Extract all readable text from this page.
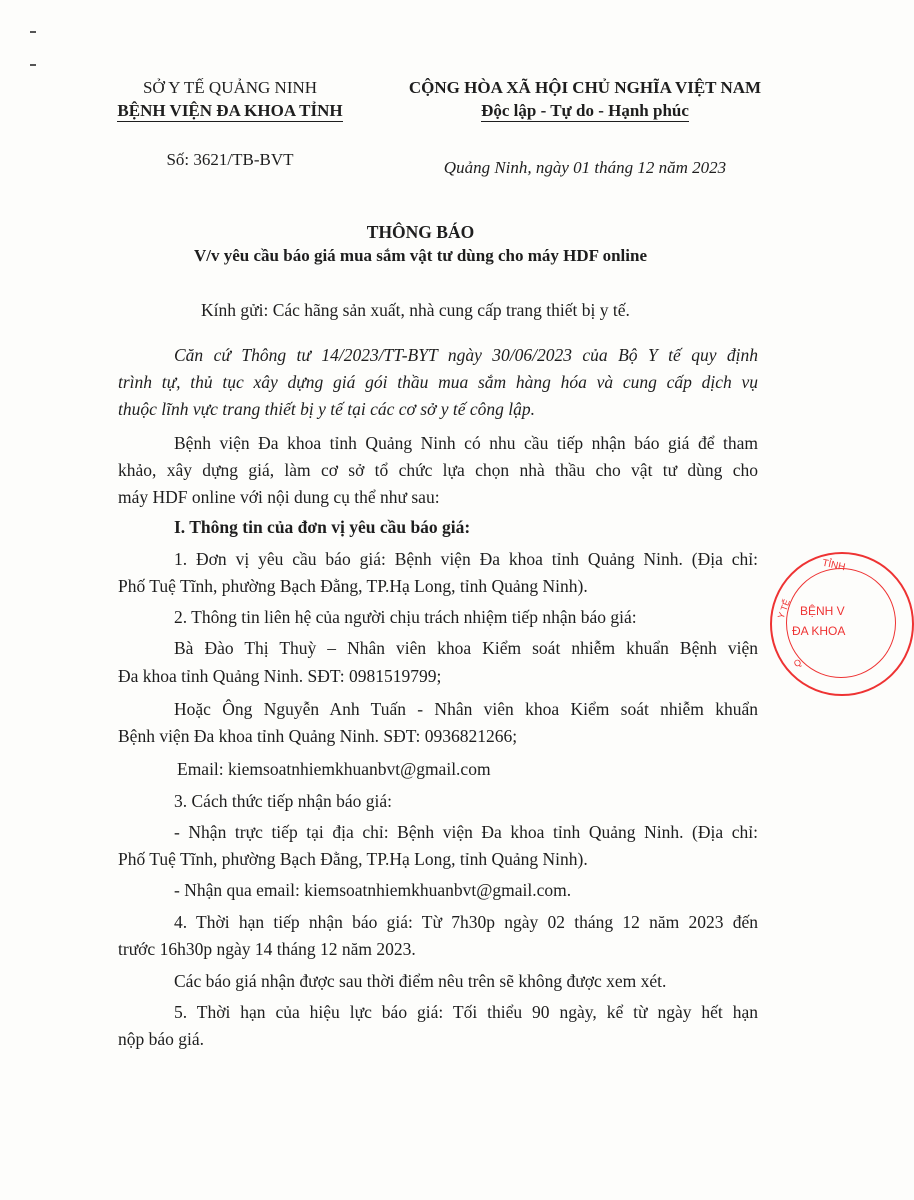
SỞ Y TẾ QUẢNG NINH
BỆNH VIỆN ĐA KHOA TỈNH
Số: 3621/TB-BVT
CỘNG HÒA XÃ HỘI CHỦ NGHĨA VIỆT NAM
Độc lập - Tự do - Hạnh phúc
Quảng Ninh, ngày 01 tháng 12 năm 2023
THÔNG BÁO
V/v yêu cầu báo giá mua sắm vật tư dùng cho máy HDF online
Kính gửi: Các hãng sản xuất, nhà cung cấp trang thiết bị y tế.
Căn cứ Thông tư 14/2023/TT-BYT ngày 30/06/2023 của Bộ Y tế quy định
trình tự, thủ tục xây dựng giá gói thầu mua sắm hàng hóa và cung cấp dịch vụ
thuộc lĩnh vực trang thiết bị y tế tại các cơ sở y tế công lập.
Bệnh viện Đa khoa tỉnh Quảng Ninh có nhu cầu tiếp nhận báo giá để tham
khảo, xây dựng giá, làm cơ sở tổ chức lựa chọn nhà thầu cho vật tư dùng cho
máy HDF online với nội dung cụ thể như sau:
I. Thông tin của đơn vị yêu cầu báo giá:
1. Đơn vị yêu cầu báo giá: Bệnh viện Đa khoa tỉnh Quảng Ninh. (Địa chỉ:
Phố Tuệ Tĩnh, phường Bạch Đằng, TP.Hạ Long, tỉnh Quảng Ninh).
2. Thông tin liên hệ của người chịu trách nhiệm tiếp nhận báo giá:
Bà Đào Thị Thuỳ – Nhân viên khoa Kiểm soát nhiễm khuẩn Bệnh viện
Đa khoa tỉnh Quảng Ninh. SĐT: 0981519799;
Hoặc Ông Nguyễn Anh Tuấn - Nhân viên khoa Kiểm soát nhiễm khuẩn
Bệnh viện Đa khoa tỉnh Quảng Ninh. SĐT: 0936821266;
Email: kiemsoatnhiemkhuanbvt@gmail.com
3. Cách thức tiếp nhận báo giá:
- Nhận trực tiếp tại địa chỉ: Bệnh viện Đa khoa tỉnh Quảng Ninh. (Địa chỉ:
Phố Tuệ Tĩnh, phường Bạch Đằng, TP.Hạ Long, tỉnh Quảng Ninh).
- Nhận qua email: kiemsoatnhiemkhuanbvt@gmail.com.
4. Thời hạn tiếp nhận báo giá: Từ 7h30p ngày 02 tháng 12 năm 2023 đến
trước 16h30p ngày 14 tháng 12 năm 2023.
Các báo giá nhận được sau thời điểm nêu trên sẽ không được xem xét.
5. Thời hạn của hiệu lực báo giá: Tối thiểu 90 ngày, kể từ ngày hết hạn
nộp báo giá.
TỈNH
Y TẾ BỆNH V
ĐA KHOA
Q
